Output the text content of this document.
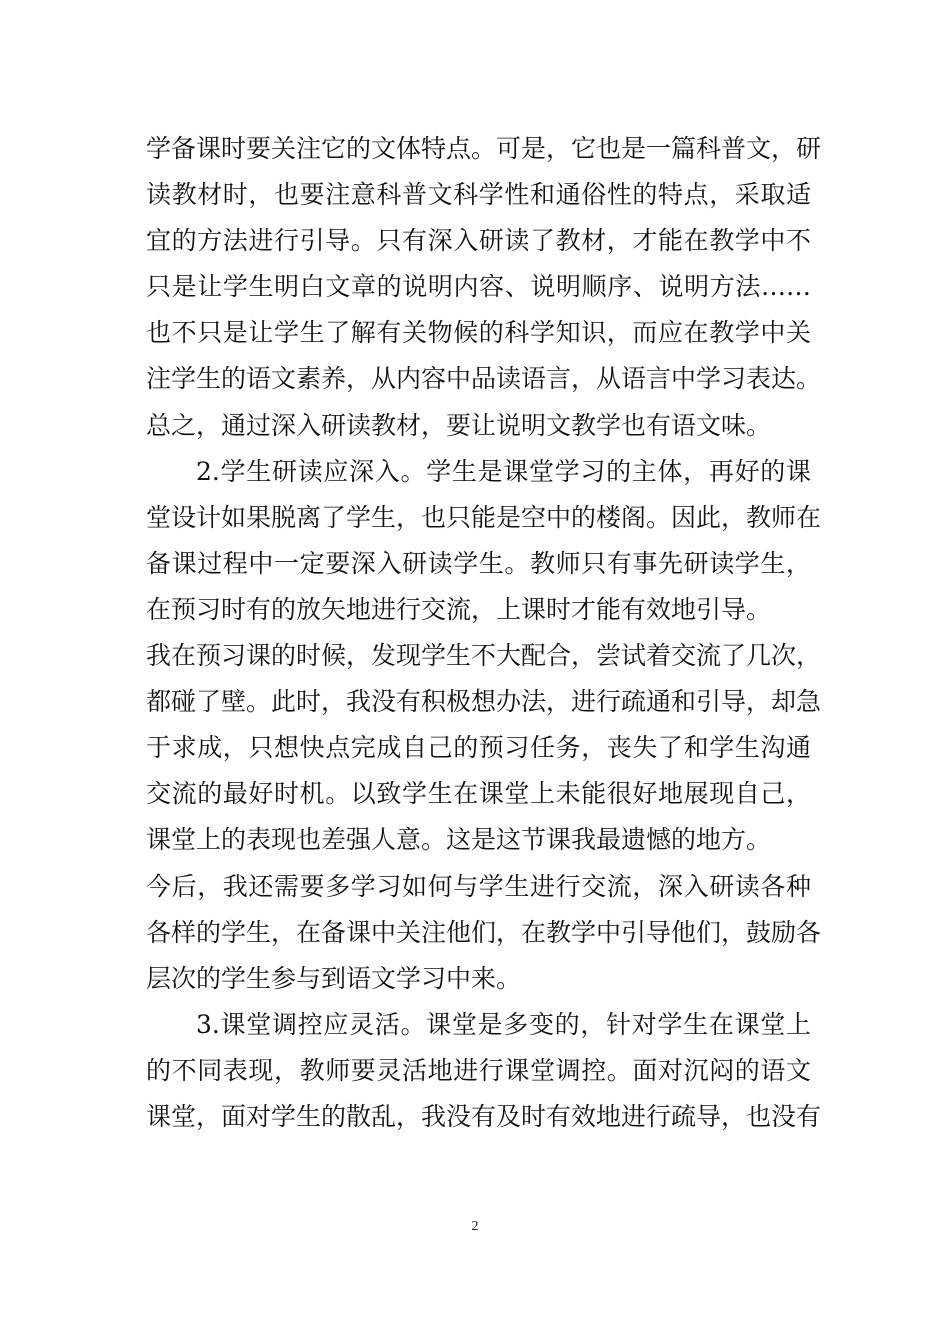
学备课时要关注它的文体特点。可是，它也是一篇科普文，研
读教材时，也要注意科普文科学性和通俗性的特点，采取适
宜的方法进行引导。只有深入研读了教材，才能在教学中不
只是让学生明白文章的说明内容、说明顺序、说明方法……
也不只是让学生了解有关物候的科学知识，而应在教学中关
注学生的语文素养，从内容中品读语言，从语言中学习表达。
总之，通过深入研读教材，要让说明文教学也有语文味。
2.学生研读应深入。学生是课堂学习的主体，再好的课
堂设计如果脱离了学生，也只能是空中的楼阁。因此，教师在
备课过程中一定要深入研读学生。教师只有事先研读学生，
在预习时有的放矢地进行交流，上课时才能有效地引导。
我在预习课的时候，发现学生不大配合，尝试着交流了几次，
都碰了壁。此时，我没有积极想办法，进行疏通和引导，却急
于求成，只想快点完成自己的预习任务，丧失了和学生沟通
交流的最好时机。以致学生在课堂上未能很好地展现自己，
课堂上的表现也差强人意。这是这节课我最遗憾的地方。
今后，我还需要多学习如何与学生进行交流，深入研读各种
各样的学生，在备课中关注他们，在教学中引导他们，鼓励各
层次的学生参与到语文学习中来。
3.课堂调控应灵活。课堂是多变的，针对学生在课堂上
的不同表现，教师要灵活地进行课堂调控。面对沉闷的语文
课堂，面对学生的散乱，我没有及时有效地进行疏导，也没有
2
